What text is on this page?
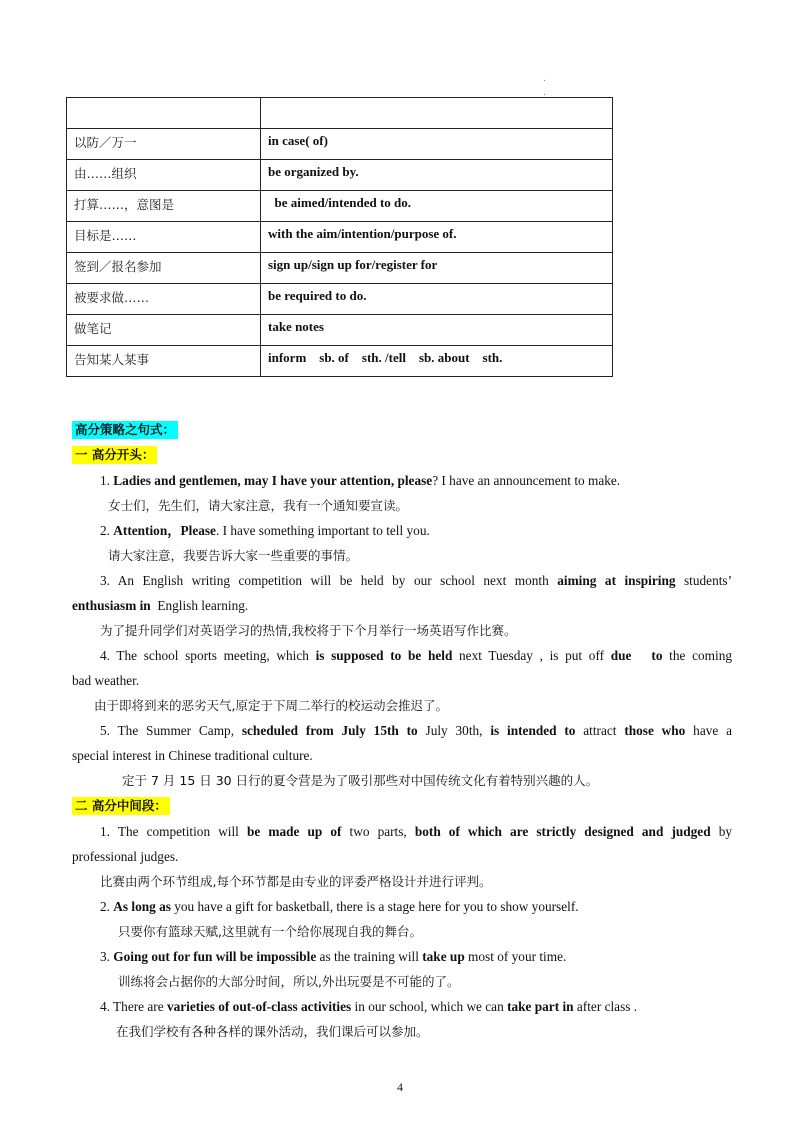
.
.

以防／万一	in case( of)
由……组织	be organized by.
打算……，意图是	be aimed/intended to do.
目标是……	with the aim/intention/purpose of.
签到／报名参加	sign up/sign up for/register for
被要求做……	be required to do.
做笔记	take notes
告知某人某事	inform    sb. of    sth. /tell    sb. about    sth.
高分策略之句式：
一 高分开头：
1. Ladies and gentlemen, may I have your attention, please? I have an announcement to make.
女士们，先生们，请大家注意，我有一个通知要宣读。
2. Attention，Please. I have something important to tell you.
请大家注意，我要告诉大家一些重要的事情。
3. An English writing competition will be held by our school next month aiming at inspiring students’
enthusiasm in  English learning.
为了提升同学们对英语学习的热情,我校将于下个月举行一场英语写作比赛。
4. The school sports meeting, which is supposed to be held next Tuesday , is put off due   to the coming
bad weather.
由于即将到来的恶劣天气,原定于下周二举行的校运动会推迟了。
5. The Summer Camp, scheduled from July 15th to July 30th, is intended to attract those who have a
special interest in Chinese traditional culture.
定于 7 月 15 日 30 日行的夏令营是为了吸引那些对中国传统文化有着特别兴趣的人。
二 高分中间段：
1. The competition will be made up of two parts, both of which are strictly designed and judged by
professional judges.
比赛由两个环节组成,每个环节都是由专业的评委严格设计并进行评判。
2. As long as you have a gift for basketball, there is a stage here for you to show yourself.
只要你有篮球天赋,这里就有一个给你展现自我的舞台。
3. Going out for fun will be impossible as the training will take up most of your time.
训练将会占据你的大部分时间，所以,外出玩耍是不可能的了。
4. There are varieties of out-of-class activities in our school, which we can take part in after class .
在我们学校有各种各样的课外活动，我们课后可以参加。
4
